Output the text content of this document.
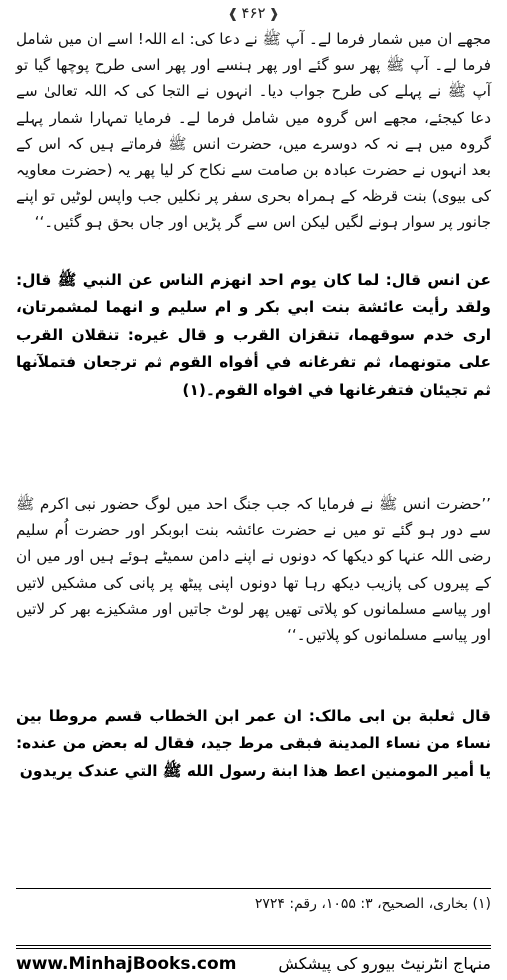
❰ ۴۶۲ ❱

مجھے ان میں شمار فرما لے۔ آپ ﷺ نے دعا کی: اے اللہ! اسے ان میں شامل فرما لے۔ آپ ﷺ پھر سو گئے اور پھر ہنسے اور پھر اسی طرح پوچھا گیا تو آپ ﷺ نے پہلے کی طرح جواب دیا۔ انہوں نے التجا کی کہ اللہ تعالیٰ سے دعا کیجئے، مجھے اس گروہ میں شامل فرما لے۔ فرمایا تمہارا شمار پہلے گروہ میں ہے نہ کہ دوسرے میں، حضرت انس ﷺ فرماتے ہیں کہ اس کے بعد انہوں نے حضرت عبادہ بن صامت سے نکاح کر لیا پھر یہ (حضرت معاویہ کی بیوی) بنت قرظہ کے ہمراہ بحری سفر پر نکلیں جب واپس لوٹیں تو اپنے جانور پر سوار ہونے لگیں لیکن اس سے گر پڑیں اور جاں بحق ہو گئیں۔‘‘

عن انس قال: لما كان يوم احد انهزم الناس عن النبي ﷺ قال: ولقد رأيت عائشة بنت ابي بكر و ام سليم و انهما لمشمرتان، ارى خدم سوقهما، تنقزان القرب و قال غيره: تنقلان القرب على متونهما، ثم تفرغانه في أفواه القوم ثم ترجعان فتملآنها ثم تجيئان فتفرغانها في افواه القوم۔(۱)

’’حضرت انس ﷺ نے فرمایا کہ جب جنگ احد میں لوگ حضور نبی اکرم ﷺ سے دور ہو گئے تو میں نے حضرت عائشہ بنت ابوبکر اور حضرت اُم سلیم رضی اللہ عنہا کو دیکھا کہ دونوں نے اپنے دامن سمیٹے ہوئے ہیں اور میں ان کے پیروں کی پازیب دیکھ رہا تھا دونوں اپنی پیٹھ پر پانی کی مشکیں لاتیں اور پیاسے مسلمانوں کو پلاتی تھیں پھر لوٹ جاتیں اور مشکیزے بھر کر لاتیں اور پیاسے مسلمانوں کو پلاتیں۔‘‘

قال ثعلبة بن ابی مالک: ان عمر ابن الخطاب قسم مروطا بين نساء من نساء المدينة فبقى مرط جيد، فقال له بعض من عنده: يا أمير المومنين اعط هذا ابنة رسول الله ﷺ التي عندک يريدون

(۱) بخاری، الصحیح، ۳: ۱۰۵۵، رقم: ۲۷۲۴
www.MinhajBooks.com	منہاج انٹرنیٹ بیورو کی پیشکش
